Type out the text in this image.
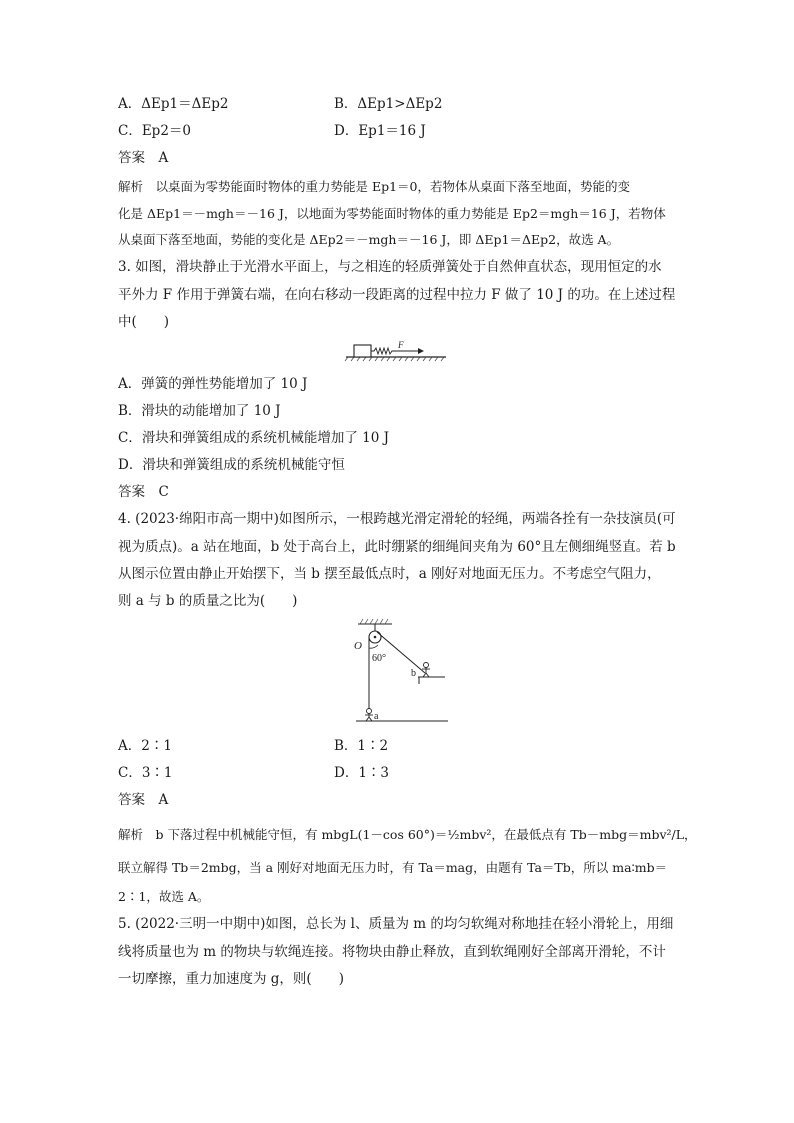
A．ΔEp1＝ΔEp2	B．ΔEp1>ΔEp2
C．Ep2＝0	D．Ep1＝16 J
答案　A
解析　以桌面为零势能面时物体的重力势能是 Ep1＝0，若物体从桌面下落至地面，势能的变
化是 ΔEp1＝－mgh＝－16 J，以地面为零势能面时物体的重力势能是 Ep2＝mgh＝16 J，若物体
从桌面下落至地面，势能的变化是 ΔEp2＝－mgh＝－16 J，即 ΔEp1＝ΔEp2，故选 A。
3. 如图，滑块静止于光滑水平面上，与之相连的轻质弹簧处于自然伸直状态，现用恒定的水
平外力 F 作用于弹簧右端，在向右移动一段距离的过程中拉力 F 做了 10 J 的功。在上述过程
中(　　)
F
A．弹簧的弹性势能增加了 10 J
B．滑块的动能增加了 10 J
C．滑块和弹簧组成的系统机械能增加了 10 J
D．滑块和弹簧组成的系统机械能守恒
答案　C
4. (2023·绵阳市高一期中)如图所示，一根跨越光滑定滑轮的轻绳，两端各拴有一杂技演员(可
视为质点)。a 站在地面，b 处于高台上，此时绷紧的细绳间夹角为 60°且左侧细绳竖直。若 b
从图示位置由静止开始摆下，当 b 摆至最低点时，a 刚好对地面无压力。不考虑空气阻力，
则 a 与 b 的质量之比为(　　)
O
60°
b
a
A．2∶1	B．1∶2
C．3∶1	D．1∶3
答案　A
解析　b 下落过程中机械能守恒，有 mbgL(1－cos 60°)＝½mbv²，在最低点有 Tb－mbg＝mbv²/L，
联立解得 Tb＝2mbg，当 a 刚好对地面无压力时，有 Ta＝mag，由题有 Ta＝Tb，所以 ma∶mb＝
2∶1，故选 A。
5. (2022·三明一中期中)如图，总长为 l、质量为 m 的均匀软绳对称地挂在轻小滑轮上，用细
线将质量也为 m 的物块与软绳连接。将物块由静止释放，直到软绳刚好全部离开滑轮，不计
一切摩擦，重力加速度为 g，则(　　)
